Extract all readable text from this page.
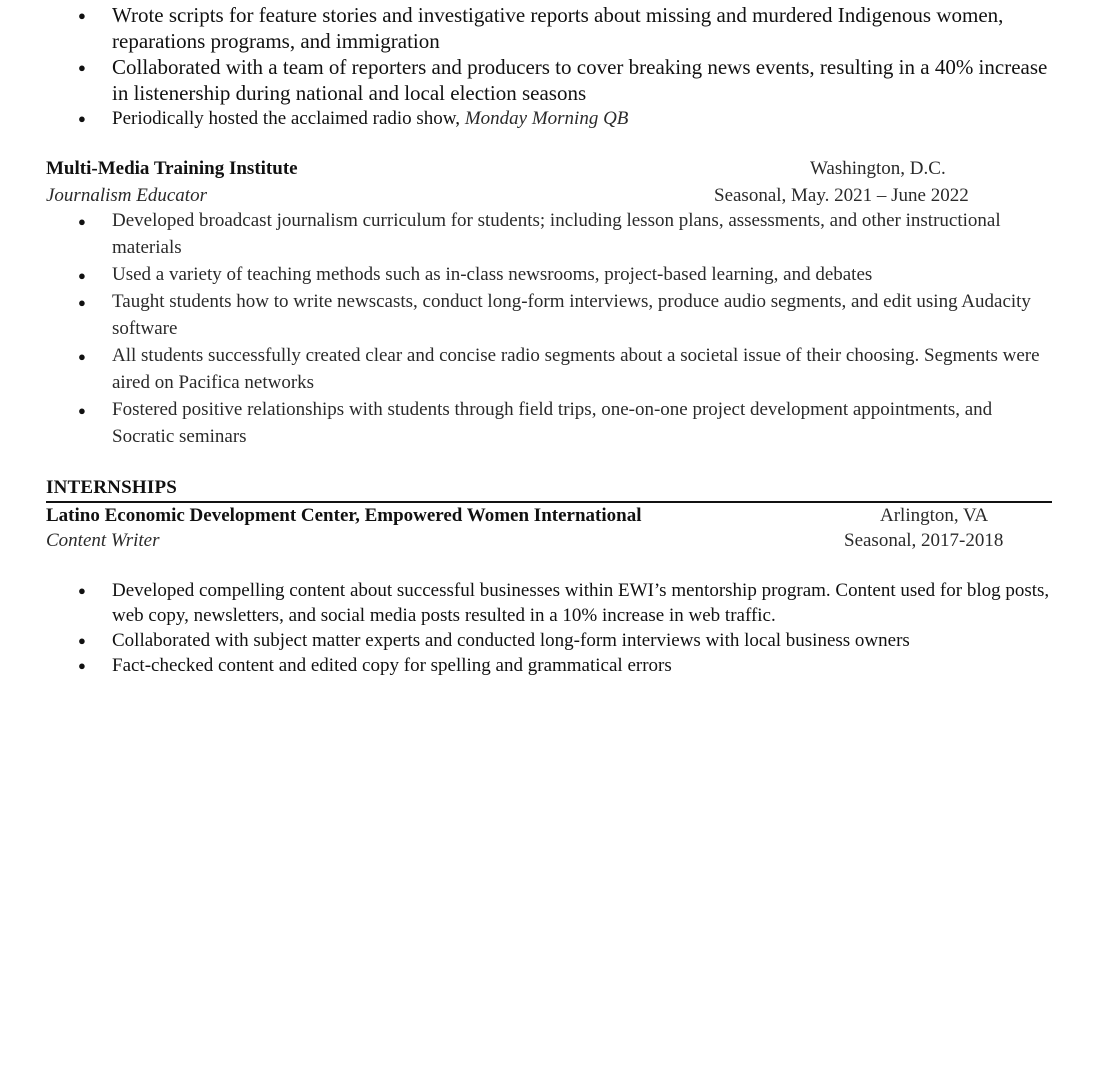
●
Wrote scripts for feature stories and investigative reports about missing and murdered Indigenous women, reparations programs, and immigration
●
Collaborated with a team of reporters and producers to cover breaking news events, resulting in a 40% increase in listenership during national and local election seasons
●
Periodically hosted the acclaimed radio show, Monday Morning QB
Multi-Media Training Institute	Washington, D.C.
Journalism Educator	Seasonal, May. 2021 – June 2022
●
Developed broadcast journalism curriculum for students; including lesson plans, assessments, and other instructional materials
●
Used a variety of teaching methods such as in-class newsrooms, project-based learning, and debates
●
Taught students how to write newscasts, conduct long-form interviews, produce audio segments, and edit using Audacity software
●
All students successfully created clear and concise radio segments about a societal issue of their choosing. Segments were aired on Pacifica networks
●
Fostered positive relationships with students through field trips, one-on-one project development appointments, and Socratic seminars
INTERNSHIPS
Latino Economic Development Center, Empowered Women International	Arlington, VA
Content Writer	Seasonal, 2017-2018
●
Developed compelling content about successful businesses within EWI’s mentorship program. Content used for blog posts, web copy, newsletters, and social media posts resulted in a 10% increase in web traffic.
●
Collaborated with subject matter experts and conducted long-form interviews with local business owners
●
Fact-checked content and edited copy for spelling and grammatical errors
